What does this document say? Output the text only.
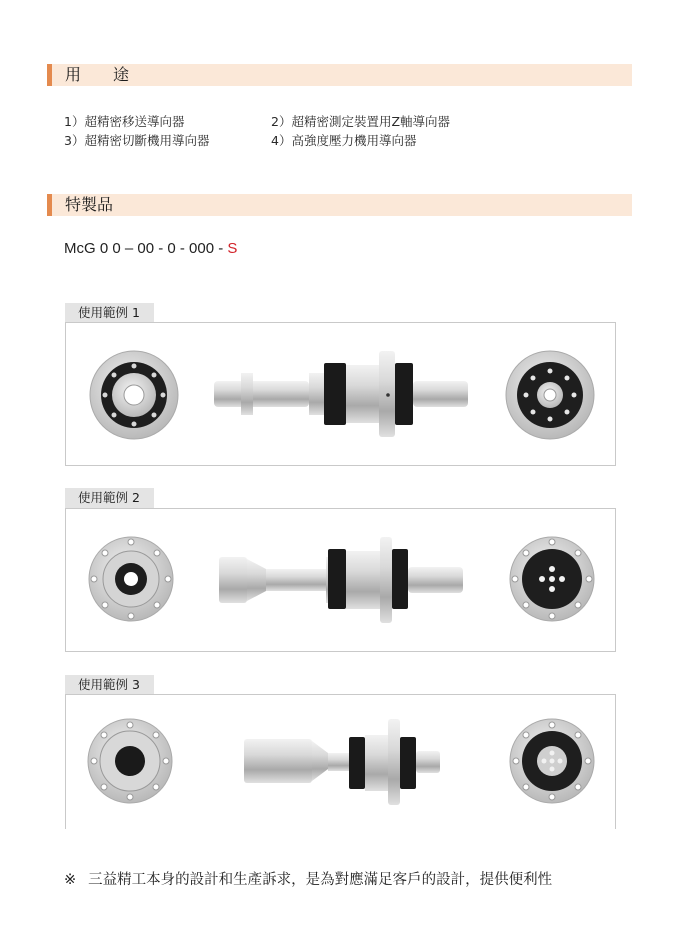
用　　途
1）超精密移送導向器	2）超精密測定裝置用Z軸導向器
3）超精密切斷機用導向器	4）高強度壓力機用導向器
特製品
McG 0 0 – 00 - 0 - 000 - S
使用範例 1
使用範例 2
使用範例 3
※ 三益精工本身的設計和生產訴求，是為對應滿足客戶的設計，提供便利性
